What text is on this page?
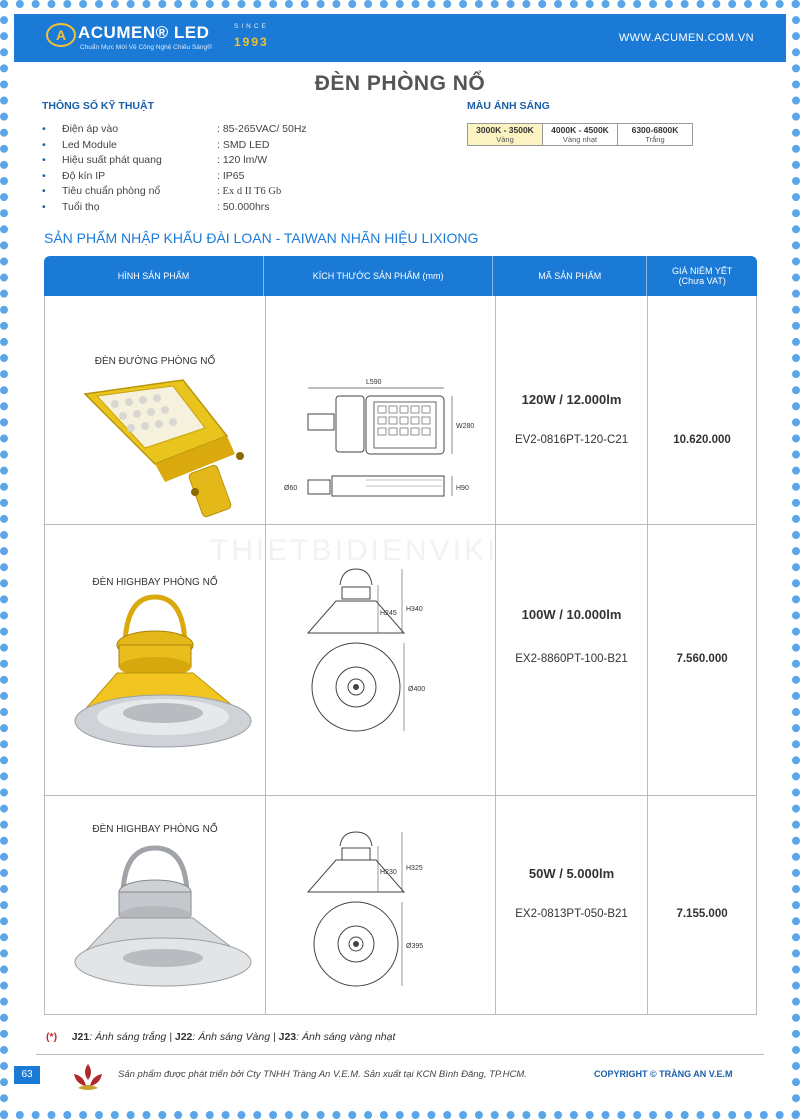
A ACUMEN® LED
Chuẩn Mực Mới Về Công Nghệ Chiếu Sáng®
SINCE
1993	WWW.ACUMEN.COM.VN
ĐÈN PHÒNG NỔ
THÔNG SỐ KỸ THUẬT
•	Điện áp vào	: 85-265VAC/ 50Hz
•	Led Module	: SMD LED
•	Hiệu suất phát quang	: 120 lm/W
•	Độ kín IP	: IP65
•	Tiêu chuẩn phòng nổ	: Ex d II T6 Gb
•	Tuổi thọ	: 50.000hrs
MÀU ÁNH SÁNG
3000K - 3500K
Vàng
4000K - 4500K
Vàng nhạt
6300-6800K
Trắng
SẢN PHẨM NHẬP KHẨU ĐÀI LOAN - TAIWAN NHÃN HIỆU LIXIONG
HÌNH SẢN PHẨM	KÍCH THƯỚC SẢN PHẨM (mm)	MÃ SẢN PHẨM	GIÁ NIÊM YẾT
(Chưa VAT)
ĐÈN ĐƯỜNG PHÒNG NỔ
L590
W280
Ø60	H90
120W / 12.000lm
EV2-0816PT-120-C21	10.620.000
ĐÈN HIGHBAY PHÒNG NỔ
H245
H340
Ø400
100W / 10.000lm
EX2-8860PT-100-B21	7.560.000
ĐÈN HIGHBAY PHÒNG NỔ
H230
H325
Ø395
50W / 5.000lm
EX2-0813PT-050-B21	7.155.000
THIETBIDIENVIKI
(*) J21: Ánh sáng trắng | J22: Ánh sáng Vàng | J23: Ánh sáng vàng nhạt
63	Sản phẩm được phát triển bởi Cty TNHH Tràng An V.E.M. Sản xuất tại KCN Bình Đăng, TP.HCM.	COPYRIGHT © TRÀNG AN V.E.M
